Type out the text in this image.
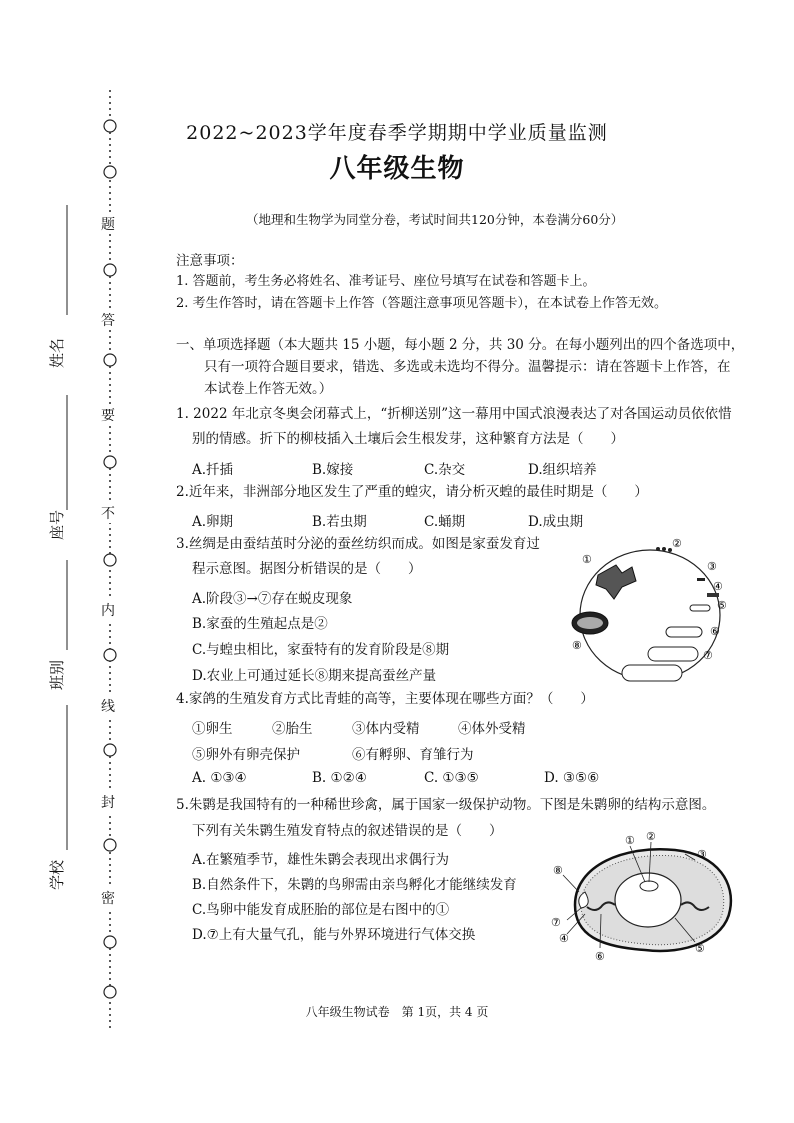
题
答
要
不
内
线
封
密
姓名
座号
班别
学校
2022~2023学年度春季学期期中学业质量监测
八年级生物
（地理和生物学为同堂分卷，考试时间共120分钟，本卷满分60分）
注意事项：
1. 答题前，考生务必将姓名、准考证号、座位号填写在试卷和答题卡上。
2. 考生作答时，请在答题卡上作答（答题注意事项见答题卡），在本试卷上作答无效。
一、单项选择题（本大题共 15 小题，每小题 2 分，共 30 分。在每小题列出的四个备选项中，
只有一项符合题目要求，错选、多选或未选均不得分。温馨提示：请在答题卡上作答，在
本试卷上作答无效。）
1. 2022 年北京冬奥会闭幕式上，“折柳送别”这一幕用中国式浪漫表达了对各国运动员依依惜
别的情感。折下的柳枝插入土壤后会生根发芽，这种繁育方法是（　　）
A.扦插	B.嫁接	C.杂交	D.组织培养
2.近年来，非洲部分地区发生了严重的蝗灾，请分析灭蝗的最佳时期是（　　）
A.卵期	B.若虫期	C.蛹期	D.成虫期
3.丝绸是由蚕结茧时分泌的蚕丝纺织而成。如图是家蚕发育过
程示意图。据图分析错误的是（　　）
A.阶段③→⑦存在蜕皮现象
B.家蚕的生殖起点是②
C.与蝗虫相比，家蚕特有的发育阶段是⑧期
D.农业上可通过延长⑧期来提高蚕丝产量
①
②
③
④
⑤
⑥
⑦
⑧
4.家鸽的生殖发育方式比青蛙的高等，主要体现在哪些方面？（　　）
①卵生	②胎生	③体内受精	④体外受精
⑤卵外有卵壳保护	⑥有孵卵、育雏行为
A. ①③④	B. ①②④	C. ①③⑤	D. ③⑤⑥
5.朱鹮是我国特有的一种稀世珍禽，属于国家一级保护动物。下图是朱鹮卵的结构示意图。
下列有关朱鹮生殖发育特点的叙述错误的是（　　）
A.在繁殖季节，雄性朱鹮会表现出求偶行为
B.自然条件下，朱鹮的鸟卵需由亲鸟孵化才能继续发育
C.鸟卵中能发育成胚胎的部位是右图中的①
D.⑦上有大量气孔，能与外界环境进行气体交换
① ②
③
④
⑤
⑥
⑦
⑧
八年级生物试卷　第 1页，共 4 页
